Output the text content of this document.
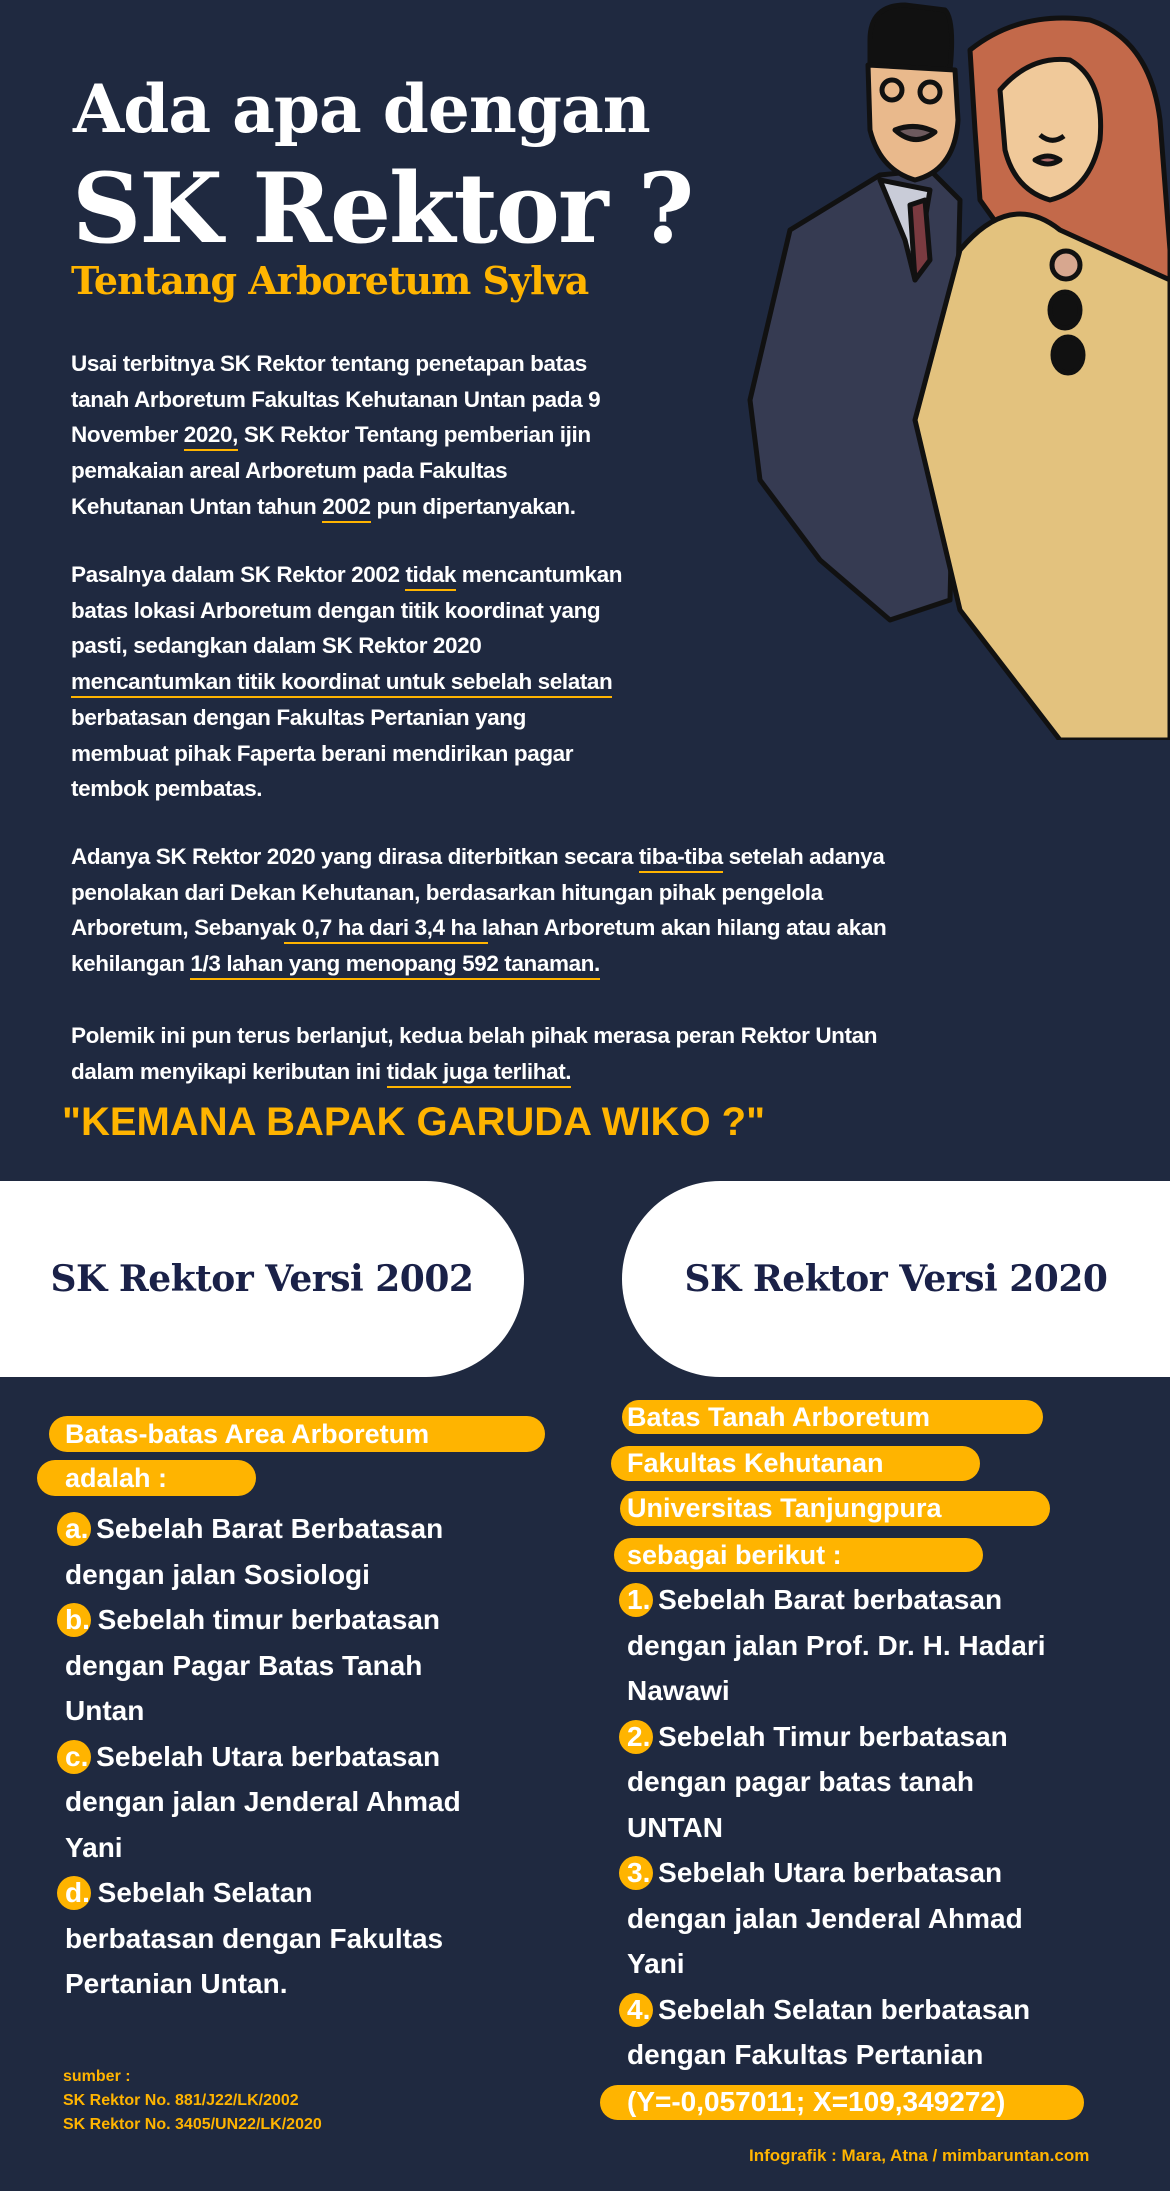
Ada apa dengan
SK Rektor ?
Tentang Arboretum Sylva
Usai terbitnya SK Rektor tentang penetapan batas
tanah Arboretum Fakultas Kehutanan Untan pada 9
November 2020, SK Rektor Tentang pemberian ijin
pemakaian areal Arboretum pada Fakultas
Kehutanan Untan tahun 2002 pun dipertanyakan.
Pasalnya dalam SK Rektor 2002 tidak mencantumkan
batas lokasi Arboretum dengan titik koordinat yang
pasti, sedangkan dalam SK Rektor 2020
mencantumkan titik koordinat untuk sebelah selatan
berbatasan dengan Fakultas Pertanian yang
membuat pihak Faperta berani mendirikan pagar
tembok pembatas.
Adanya SK Rektor 2020 yang dirasa diterbitkan secara tiba-tiba setelah adanya
penolakan dari Dekan Kehutanan, berdasarkan hitungan pihak pengelola
Arboretum, Sebanyak 0,7 ha dari 3,4 ha lahan Arboretum akan hilang atau akan
kehilangan 1/3 lahan yang menopang 592 tanaman.
Polemik ini pun terus berlanjut, kedua belah pihak merasa peran Rektor Untan
dalam menyikapi keributan ini tidak juga terlihat.
"KEMANA BAPAK GARUDA WIKO ?"
SK Rektor Versi 2002	SK Rektor Versi 2020
Batas-batas Area Arboretum
adalah :
a. Sebelah Barat Berbatasan
dengan jalan Sosiologi
b. Sebelah timur berbatasan
dengan Pagar Batas Tanah
Untan
c. Sebelah Utara berbatasan
dengan jalan Jenderal Ahmad
Yani
d. Sebelah Selatan
berbatasan dengan Fakultas
Pertanian Untan.
sumber :
SK Rektor No. 881/J22/LK/2002
SK Rektor No. 3405/UN22/LK/2020
Batas Tanah Arboretum
Fakultas Kehutanan
Universitas Tanjungpura
sebagai berikut :
1. Sebelah Barat berbatasan
dengan jalan Prof. Dr. H. Hadari
Nawawi
2. Sebelah Timur berbatasan
dengan pagar batas tanah
UNTAN
3. Sebelah Utara berbatasan
dengan jalan Jenderal Ahmad
Yani
4. Sebelah Selatan berbatasan
dengan Fakultas Pertanian
(Y=-0,057011; X=109,349272)
Infografik : Mara, Atna / mimbaruntan.com
